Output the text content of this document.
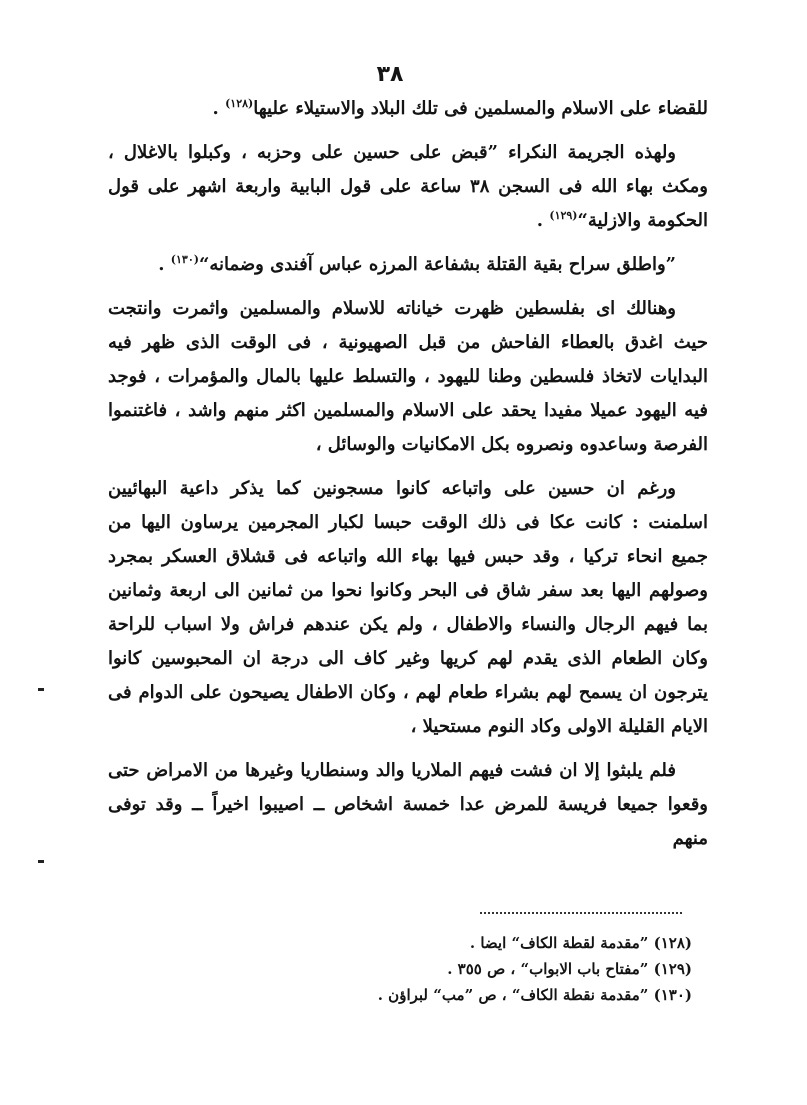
٣٨

للقضاء على الاسلام والمسلمين فى تلك البلاد والاستيلاء عليها$^{(١٢٨)}$ .

ولهذه الجريمة النكراء ”قبض على حسين على وحزبه ، وكبلوا بالاغلال ، ومكث بهاء الله فى السجن ٣٨ ساعة على قول البابية واربعة اشهر على قول الحكومة والازلية“$^{(١٢٩)}$ .

”واطلق سراح بقية القتلة بشفاعة المرزه عباس آفندى وضمانه“$^{(١٣٠)}$ .

وهنالك اى بفلسطين ظهرت خياناته للاسلام والمسلمين واثمرت وانتجت حيث اغدق بالعطاء الفاحش من قبل الصهيونية ، فى الوقت الذى ظهر فيه البدايات لاتخاذ فلسطين وطنا لليهود ، والتسلط عليها بالمال والمؤمرات ، فوجد فيه اليهود عميلا مفيدا يحقد على الاسلام والمسلمين اكثر منهم واشد ، فاغتنموا الفرصة وساعدوه ونصروه بكل الامكانيات والوسائل ،

ورغم ان حسين على واتباعه كانوا مسجونين كما يذكر داعية البهائيين اسلمنت : كانت عكا فى ذلك الوقت حبسا لكبار المجرمين يرساون اليها من جميع انحاء تركيا ، وقد حبس فيها بهاء الله واتباعه فى قشلاق العسكر بمجرد وصولهم اليها بعد سفر شاق فى البحر وكانوا نحوا من ثمانين الى اربعة وثمانين بما فيهم الرجال والنساء والاطفال ، ولم يكن عندهم فراش ولا اسباب للراحة وكان الطعام الذى يقدم لهم كريها وغير كاف الى درجة ان المحبوسين كانوا يترجون ان يسمح لهم بشراء طعام لهم ، وكان الاطفال يصيحون على الدوام فى الايام القليلة الاولى وكاد النوم مستحيلا ،

فلم يلبثوا إلا ان فشت فيهم الملاريا والد وسنطاريا وغيرها من الامراض حتى وقعوا جميعا فريسة للمرض عدا خمسة اشخاص ــ اصيبوا اخيراً ــ وقد توفى منهم

(١٢٨) ”مقدمة لقطة الكاف“ ايضا .
(١٢٩) ”مفتاح باب الابواب“ ، ص ٣٥٥ .
(١٣٠) ”مقدمة نقطة الكاف“ ، ص ”مب“ لبراؤن .
